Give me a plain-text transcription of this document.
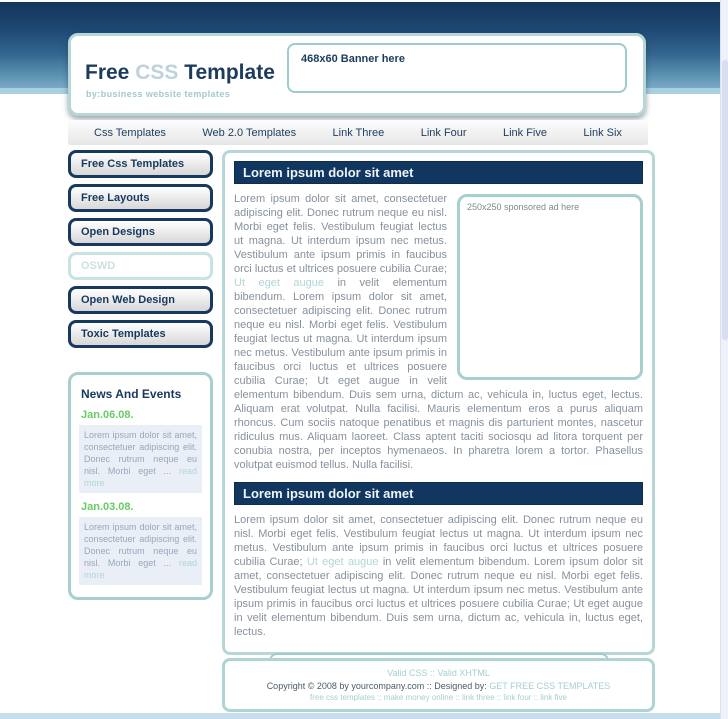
Free CSS Template
by:business website templates
468x60 Banner here
Css Templates	Web 2.0 Templates	Link Three	Link Four	Link Five	Link Six
Free Css Templates
Free Layouts
Open Designs
OSWD
Open Web Design
Toxic Templates
News And Events
Jan.06.08.
Lorem ipsum dolor sit amet, consectetuer adipiscing elit. Donec rutrum neque eu nisl. Morbi eget ... read more
Jan.03.08.
Lorem ipsum dolor sit amet, consectetuer adipiscing elit. Donec rutrum neque eu nisl. Morbi eget ... read more
Lorem ipsum dolor sit amet
250x250 sponsored ad here
Lorem ipsum dolor sit amet, consectetuer adipiscing elit. Donec rutrum neque eu nisl. Morbi eget felis. Vestibulum feugiat lectus ut magna. Ut interdum ipsum nec metus. Vestibulum ante ipsum primis in faucibus orci luctus et ultrices posuere cubilia Curae; Ut eget augue in velit elementum bibendum. Lorem ipsum dolor sit amet, consectetuer adipiscing elit. Donec rutrum neque eu nisl. Morbi eget felis. Vestibulum feugiat lectus ut magna. Ut interdum ipsum nec metus. Vestibulum ante ipsum primis in faucibus orci luctus et ultrices posuere cubilia Curae; Ut eget augue in velit elementum bibendum. Duis sem urna, dictum ac, vehicula in, luctus eget, lectus. Aliquam erat volutpat. Nulla facilisi. Mauris elementum eros a purus aliquam rhoncus. Cum sociis natoque penatibus et magnis dis parturient montes, nascetur ridiculus mus. Aliquam laoreet. Class aptent taciti sociosqu ad litora torquent per conubia nostra, per inceptos hymenaeos. In pharetra lorem a tortor. Phasellus volutpat euismod tellus. Nulla facilisi.
Lorem ipsum dolor sit amet
Lorem ipsum dolor sit amet, consectetuer adipiscing elit. Donec rutrum neque eu nisl. Morbi eget felis. Vestibulum feugiat lectus ut magna. Ut interdum ipsum nec metus. Vestibulum ante ipsum primis in faucibus orci luctus et ultrices posuere cubilia Curae; Ut eget augue in velit elementum bibendum. Lorem ipsum dolor sit amet, consectetuer adipiscing elit. Donec rutrum neque eu nisl. Morbi eget felis. Vestibulum feugiat lectus ut magna. Ut interdum ipsum nec metus. Vestibulum ante ipsum primis in faucibus orci luctus et ultrices posuere cubilia Curae; Ut eget augue in velit elementum bibendum. Duis sem urna, dictum ac, vehicula in, luctus eget, lectus.
Valid CSS :: Valid XHTML
Copyright © 2008 by yourcompany.com :: Designed by: GET FREE CSS TEMPLATES
free css templates :: make money online :: link three :: link four :: link five
